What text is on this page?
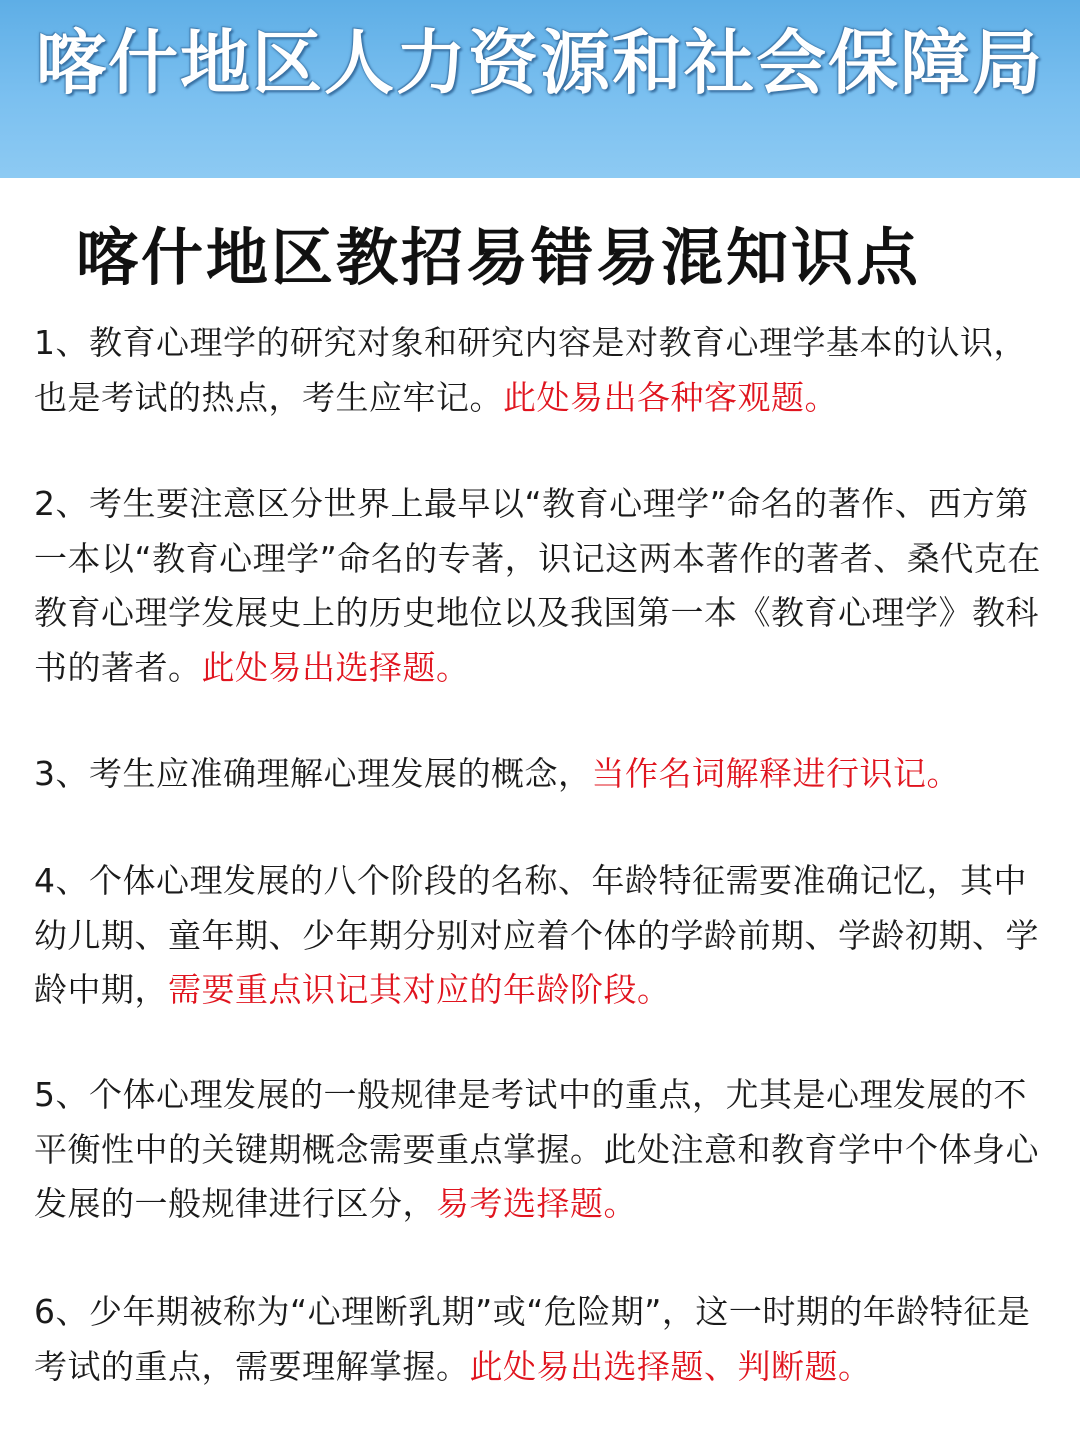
喀什地区人力资源和社会保障局
喀什地区教招易错易混知识点

1、教育心理学的研究对象和研究内容是对教育心理学基本的认识，也是考试的热点，考生应牢记。此处易出各种客观题。

2、考生要注意区分世界上最早以“教育心理学”命名的著作、西方第一本以“教育心理学”命名的专著，识记这两本著作的著者、桑代克在教育心理学发展史上的历史地位以及我国第一本《教育心理学》教科书的著者。此处易出选择题。

3、考生应准确理解心理发展的概念，当作名词解释进行识记。

4、个体心理发展的八个阶段的名称、年龄特征需要准确记忆，其中幼儿期、童年期、少年期分别对应着个体的学龄前期、学龄初期、学龄中期，需要重点识记其对应的年龄阶段。

5、个体心理发展的一般规律是考试中的重点，尤其是心理发展的不平衡性中的关键期概念需要重点掌握。此处注意和教育学中个体身心发展的一般规律进行区分，易考选择题。

6、少年期被称为“心理断乳期”或“危险期”，这一时期的年龄特征是考试的重点，需要理解掌握。此处易出选择题、判断题。
